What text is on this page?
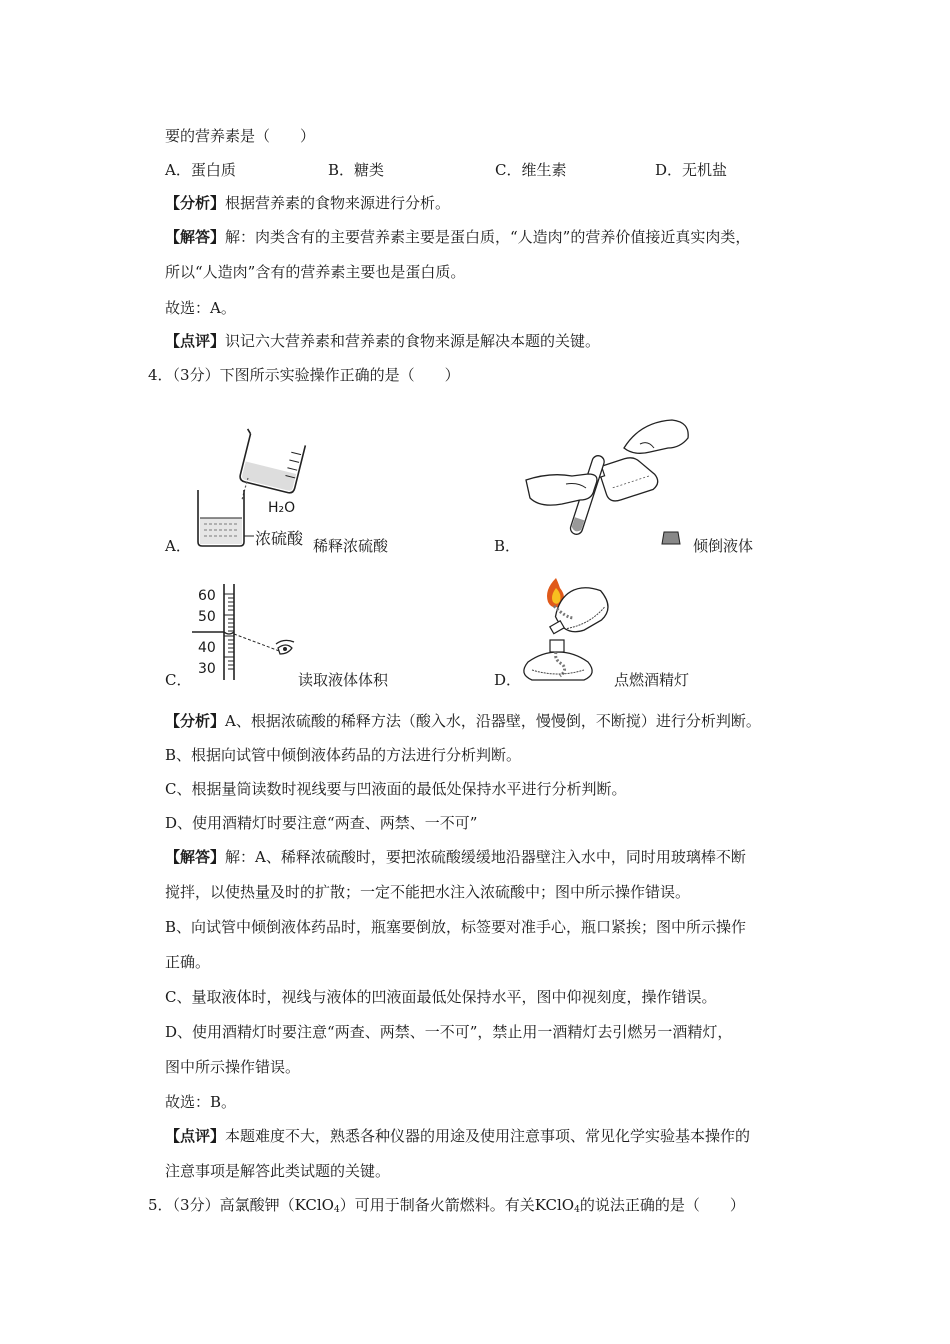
要的营养素是（　　）
A．蛋白质	B．糖类	C．维生素	D．无机盐
【分析】根据营养素的食物来源进行分析。
【解答】解：肉类含有的主要营养素主要是蛋白质，“人造肉”的营养价值接近真实肉类，
所以“人造肉”含有的营养素主要也是蛋白质。
故选：A。
【点评】识记六大营养素和营养素的食物来源是解决本题的关键。
4．（3分）下图所示实验操作正确的是（　　）
H₂O
浓硫酸
A．	稀释浓硫酸	B．	倾倒液体
60
50
40
30
C．	读取液体体积	D．	点燃酒精灯
【分析】A、根据浓硫酸的稀释方法（酸入水，沿器壁，慢慢倒，不断搅）进行分析判断。
B、根据向试管中倾倒液体药品的方法进行分析判断。
C、根据量筒读数时视线要与凹液面的最低处保持水平进行分析判断。
D、使用酒精灯时要注意“两查、两禁、一不可”
【解答】解：A、稀释浓硫酸时，要把浓硫酸缓缓地沿器壁注入水中，同时用玻璃棒不断
搅拌，以使热量及时的扩散；一定不能把水注入浓硫酸中；图中所示操作错误。
B、向试管中倾倒液体药品时，瓶塞要倒放，标签要对准手心，瓶口紧挨；图中所示操作
正确。
C、量取液体时，视线与液体的凹液面最低处保持水平，图中仰视刻度，操作错误。
D、使用酒精灯时要注意“两查、两禁、一不可”，禁止用一酒精灯去引燃另一酒精灯，
图中所示操作错误。
故选：B。
【点评】本题难度不大，熟悉各种仪器的用途及使用注意事项、常见化学实验基本操作的
注意事项是解答此类试题的关键。
5．（3分）高氯酸钾（KClO$_4$）可用于制备火箭燃料。有关KClO$_4$的说法正确的是（　　）
